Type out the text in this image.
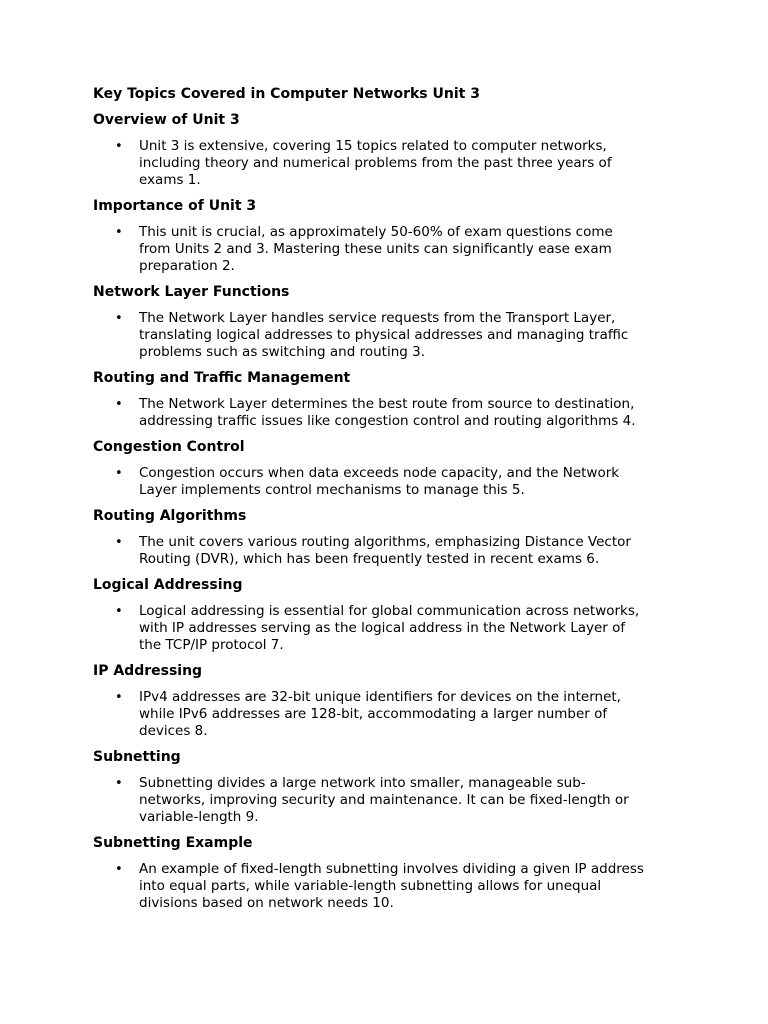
Key Topics Covered in Computer Networks Unit 3
Overview of Unit 3
• Unit 3 is extensive, covering 15 topics related to computer networks,
including theory and numerical problems from the past three years of
exams 1.
Importance of Unit 3
• This unit is crucial, as approximately 50-60% of exam questions come
from Units 2 and 3. Mastering these units can significantly ease exam
preparation 2.
Network Layer Functions
• The Network Layer handles service requests from the Transport Layer,
translating logical addresses to physical addresses and managing traffic
problems such as switching and routing 3.
Routing and Traffic Management
• The Network Layer determines the best route from source to destination,
addressing traffic issues like congestion control and routing algorithms 4.
Congestion Control
• Congestion occurs when data exceeds node capacity, and the Network
Layer implements control mechanisms to manage this 5.
Routing Algorithms
• The unit covers various routing algorithms, emphasizing Distance Vector
Routing (DVR), which has been frequently tested in recent exams 6.
Logical Addressing
• Logical addressing is essential for global communication across networks,
with IP addresses serving as the logical address in the Network Layer of
the TCP/IP protocol 7.
IP Addressing
• IPv4 addresses are 32-bit unique identifiers for devices on the internet,
while IPv6 addresses are 128-bit, accommodating a larger number of
devices 8.
Subnetting
• Subnetting divides a large network into smaller, manageable sub-
networks, improving security and maintenance. It can be fixed-length or
variable-length 9.
Subnetting Example
• An example of fixed-length subnetting involves dividing a given IP address
into equal parts, while variable-length subnetting allows for unequal
divisions based on network needs 10.
